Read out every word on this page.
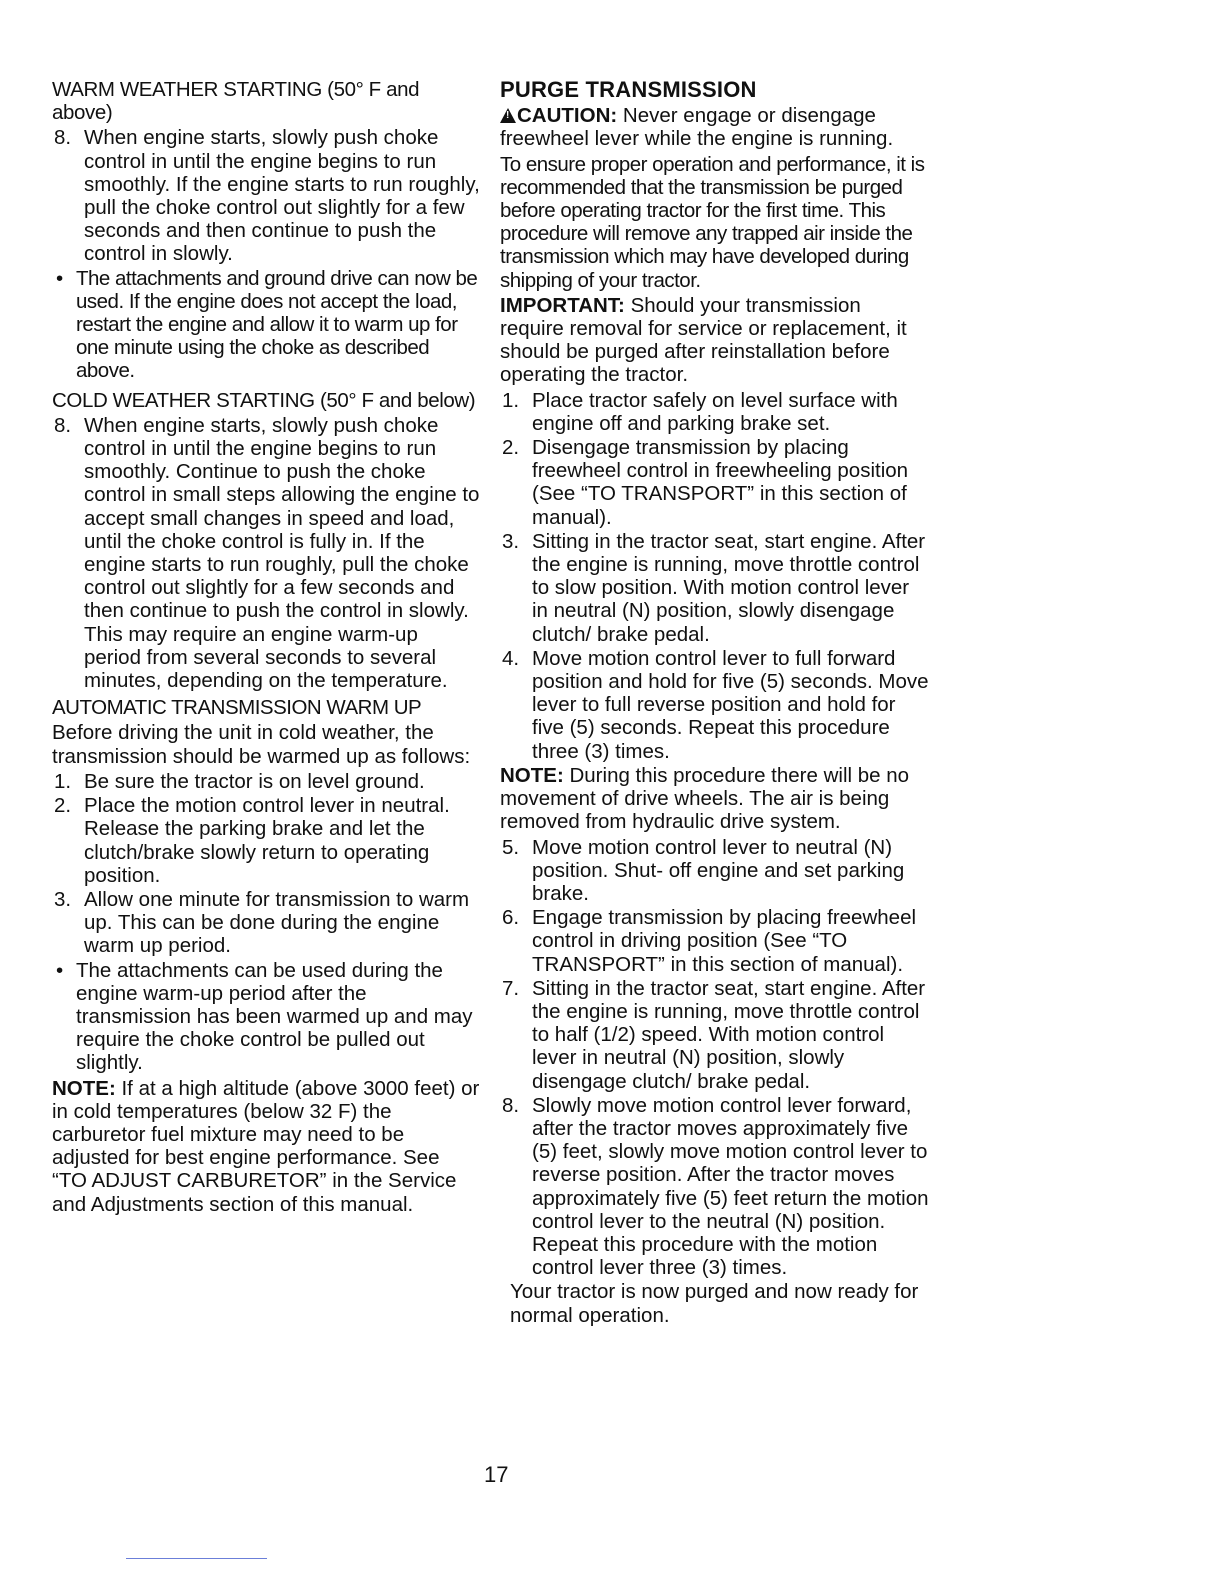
WARM WEATHER STARTING (50° F and above)
8. When engine starts, slowly push choke control in until the engine begins to run smoothly. If the engine starts to run roughly, pull the choke control out slightly for a few seconds and then continue to push the control in slowly.
• The attachments and ground drive can now be used. If the engine does not accept the load, restart the engine and allow it to warm up for one minute using the choke as described above.
COLD WEATHER STARTING (50° F and below)
8. When engine starts, slowly push choke control in until the engine begins to run smoothly. Continue to push the choke control in small steps allowing the engine to accept small changes in speed and load, until the choke control is fully in. If the engine starts to run roughly, pull the choke control out slightly for a few seconds and then continue to push the control in slowly. This may require an engine warm-up period from several seconds to several minutes, depending on the temperature.
AUTOMATIC TRANSMISSION WARM UP
Before driving the unit in cold weather, the transmission should be warmed up as follows:
1. Be sure the tractor is on level ground.
2. Place the motion control lever in neutral. Release the parking brake and let the clutch/brake slowly return to operating position.
3. Allow one minute for transmission to warm up. This can be done during the engine warm up period.
• The attachments can be used during the engine warm-up period after the transmission has been warmed up and may require the choke control be pulled out slightly.
NOTE: If at a high altitude (above 3000 feet) or in cold temperatures (below 32 F) the carburetor fuel mixture may need to be adjusted for best engine performance. See “TO ADJUST CARBURETOR” in the Service and Adjustments section of this manual.
PURGE TRANSMISSION
!CAUTION: Never engage or disengage freewheel lever while the engine is running.
To ensure proper operation and performance, it is recommended that the transmission be purged before operating tractor for the first time. This procedure will remove any trapped air inside the transmission which may have developed during shipping of your tractor.
IMPORTANT: Should your transmission require removal for service or replacement, it should be purged after reinstallation before operating the tractor.
1. Place tractor safely on level surface with engine off and parking brake set.
2. Disengage transmission by placing freewheel control in freewheeling position (See “TO TRANSPORT” in this section of manual).
3. Sitting in the tractor seat, start engine. After the engine is running, move throttle control to slow position. With motion control lever in neutral (N) position, slowly disengage clutch/ brake pedal.
4. Move motion control lever to full forward position and hold for five (5) seconds. Move lever to full reverse position and hold for five (5) seconds. Repeat this procedure three (3) times.
NOTE: During this procedure there will be no movement of drive wheels. The air is being removed from hydraulic drive system.
5. Move motion control lever to neutral (N) position. Shut- off engine and set parking brake.
6. Engage transmission by placing freewheel control in driving position (See “TO TRANSPORT” in this section of manual).
7. Sitting in the tractor seat, start engine. After the engine is running, move throttle control to half (1/2) speed. With motion control lever in neutral (N) position, slowly disengage clutch/ brake pedal.
8. Slowly move motion control lever forward, after the tractor moves approximately five (5) feet, slowly move motion control lever to reverse position. After the tractor moves approximately five (5) feet return the motion control lever to the neutral (N) position. Repeat this procedure with the motion control lever three (3) times.
Your tractor is now purged and now ready for normal operation.
17
